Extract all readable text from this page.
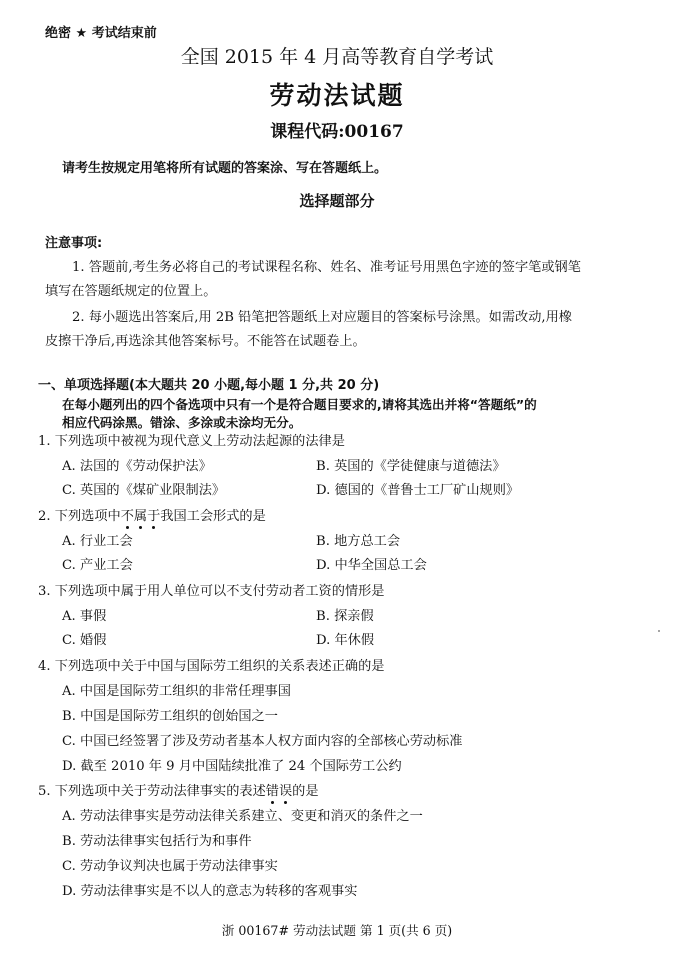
绝密 ★ 考试结束前
全国 2015 年 4 月高等教育自学考试
劳动法试题
课程代码:00167
请考生按规定用笔将所有试题的答案涂、写在答题纸上。
选择题部分
注意事项:
1. 答题前,考生务必将自己的考试课程名称、姓名、准考证号用黑色字迹的签字笔或钢笔
填写在答题纸规定的位置上。
2. 每小题选出答案后,用 2B 铅笔把答题纸上对应题目的答案标号涂黑。如需改动,用橡
皮擦干净后,再选涂其他答案标号。不能答在试题卷上。
一、单项选择题(本大题共 20 小题,每小题 1 分,共 20 分)
在每小题列出的四个备选项中只有一个是符合题目要求的,请将其选出并将“答题纸”的
相应代码涂黑。错涂、多涂或未涂均无分。
1. 下列选项中被视为现代意义上劳动法起源的法律是
A. 法国的《劳动保护法》	B. 英国的《学徒健康与道德法》
C. 英国的《煤矿业限制法》	D. 德国的《普鲁士工厂矿山规则》
2. 下列选项中不属于我国工会形式的是
A. 行业工会	B. 地方总工会
C. 产业工会	D. 中华全国总工会
3. 下列选项中属于用人单位可以不支付劳动者工资的情形是
A. 事假	B. 探亲假
C. 婚假	D. 年休假
4. 下列选项中关于中国与国际劳工组织的关系表述正确的是
A. 中国是国际劳工组织的非常任理事国
B. 中国是国际劳工组织的创始国之一
C. 中国已经签署了涉及劳动者基本人权方面内容的全部核心劳动标准
D. 截至 2010 年 9 月中国陆续批准了 24 个国际劳工公约
5. 下列选项中关于劳动法律事实的表述错误的是
A. 劳动法律事实是劳动法律关系建立、变更和消灭的条件之一
B. 劳动法律事实包括行为和事件
C. 劳动争议判决也属于劳动法律事实
D. 劳动法律事实是不以人的意志为转移的客观事实
浙 00167# 劳动法试题 第 1 页(共 6 页)
